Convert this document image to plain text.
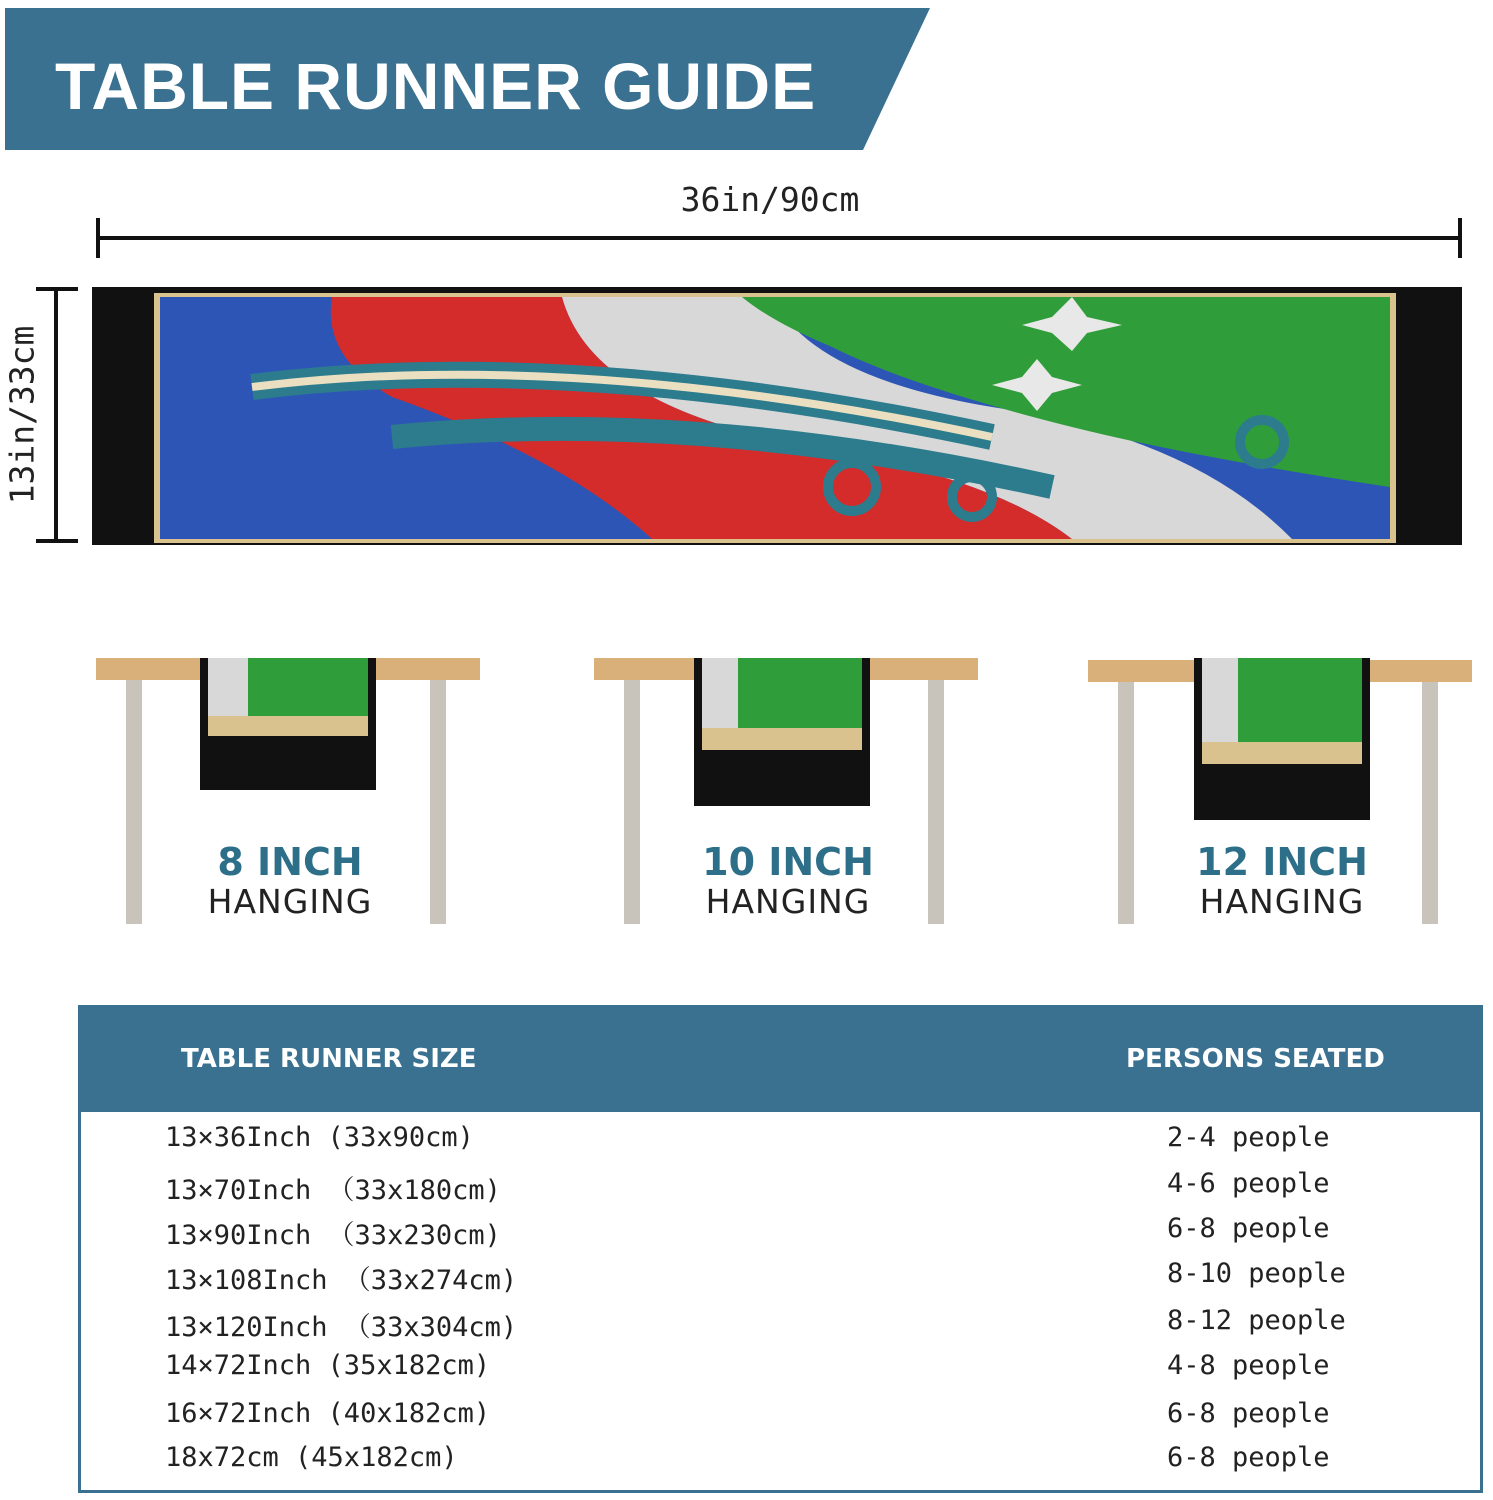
TABLE RUNNER GUIDE
36in/90cm
13in/33cm
8 INCH
HANGING
10 INCH
HANGING
12 INCH
HANGING
TABLE RUNNER SIZE	PERSONS SEATED
13×36Inch (33x90cm)	2-4 people
13×70Inch （33x180cm)	4-6 people
13×90Inch （33x230cm)	6-8 people
13×108Inch （33x274cm)	8-10 people
13×120Inch （33x304cm)	8-12 people
14×72Inch (35x182cm)	4-8 people
16×72Inch (40x182cm)	6-8 people
18x72cm (45x182cm)	6-8 people
